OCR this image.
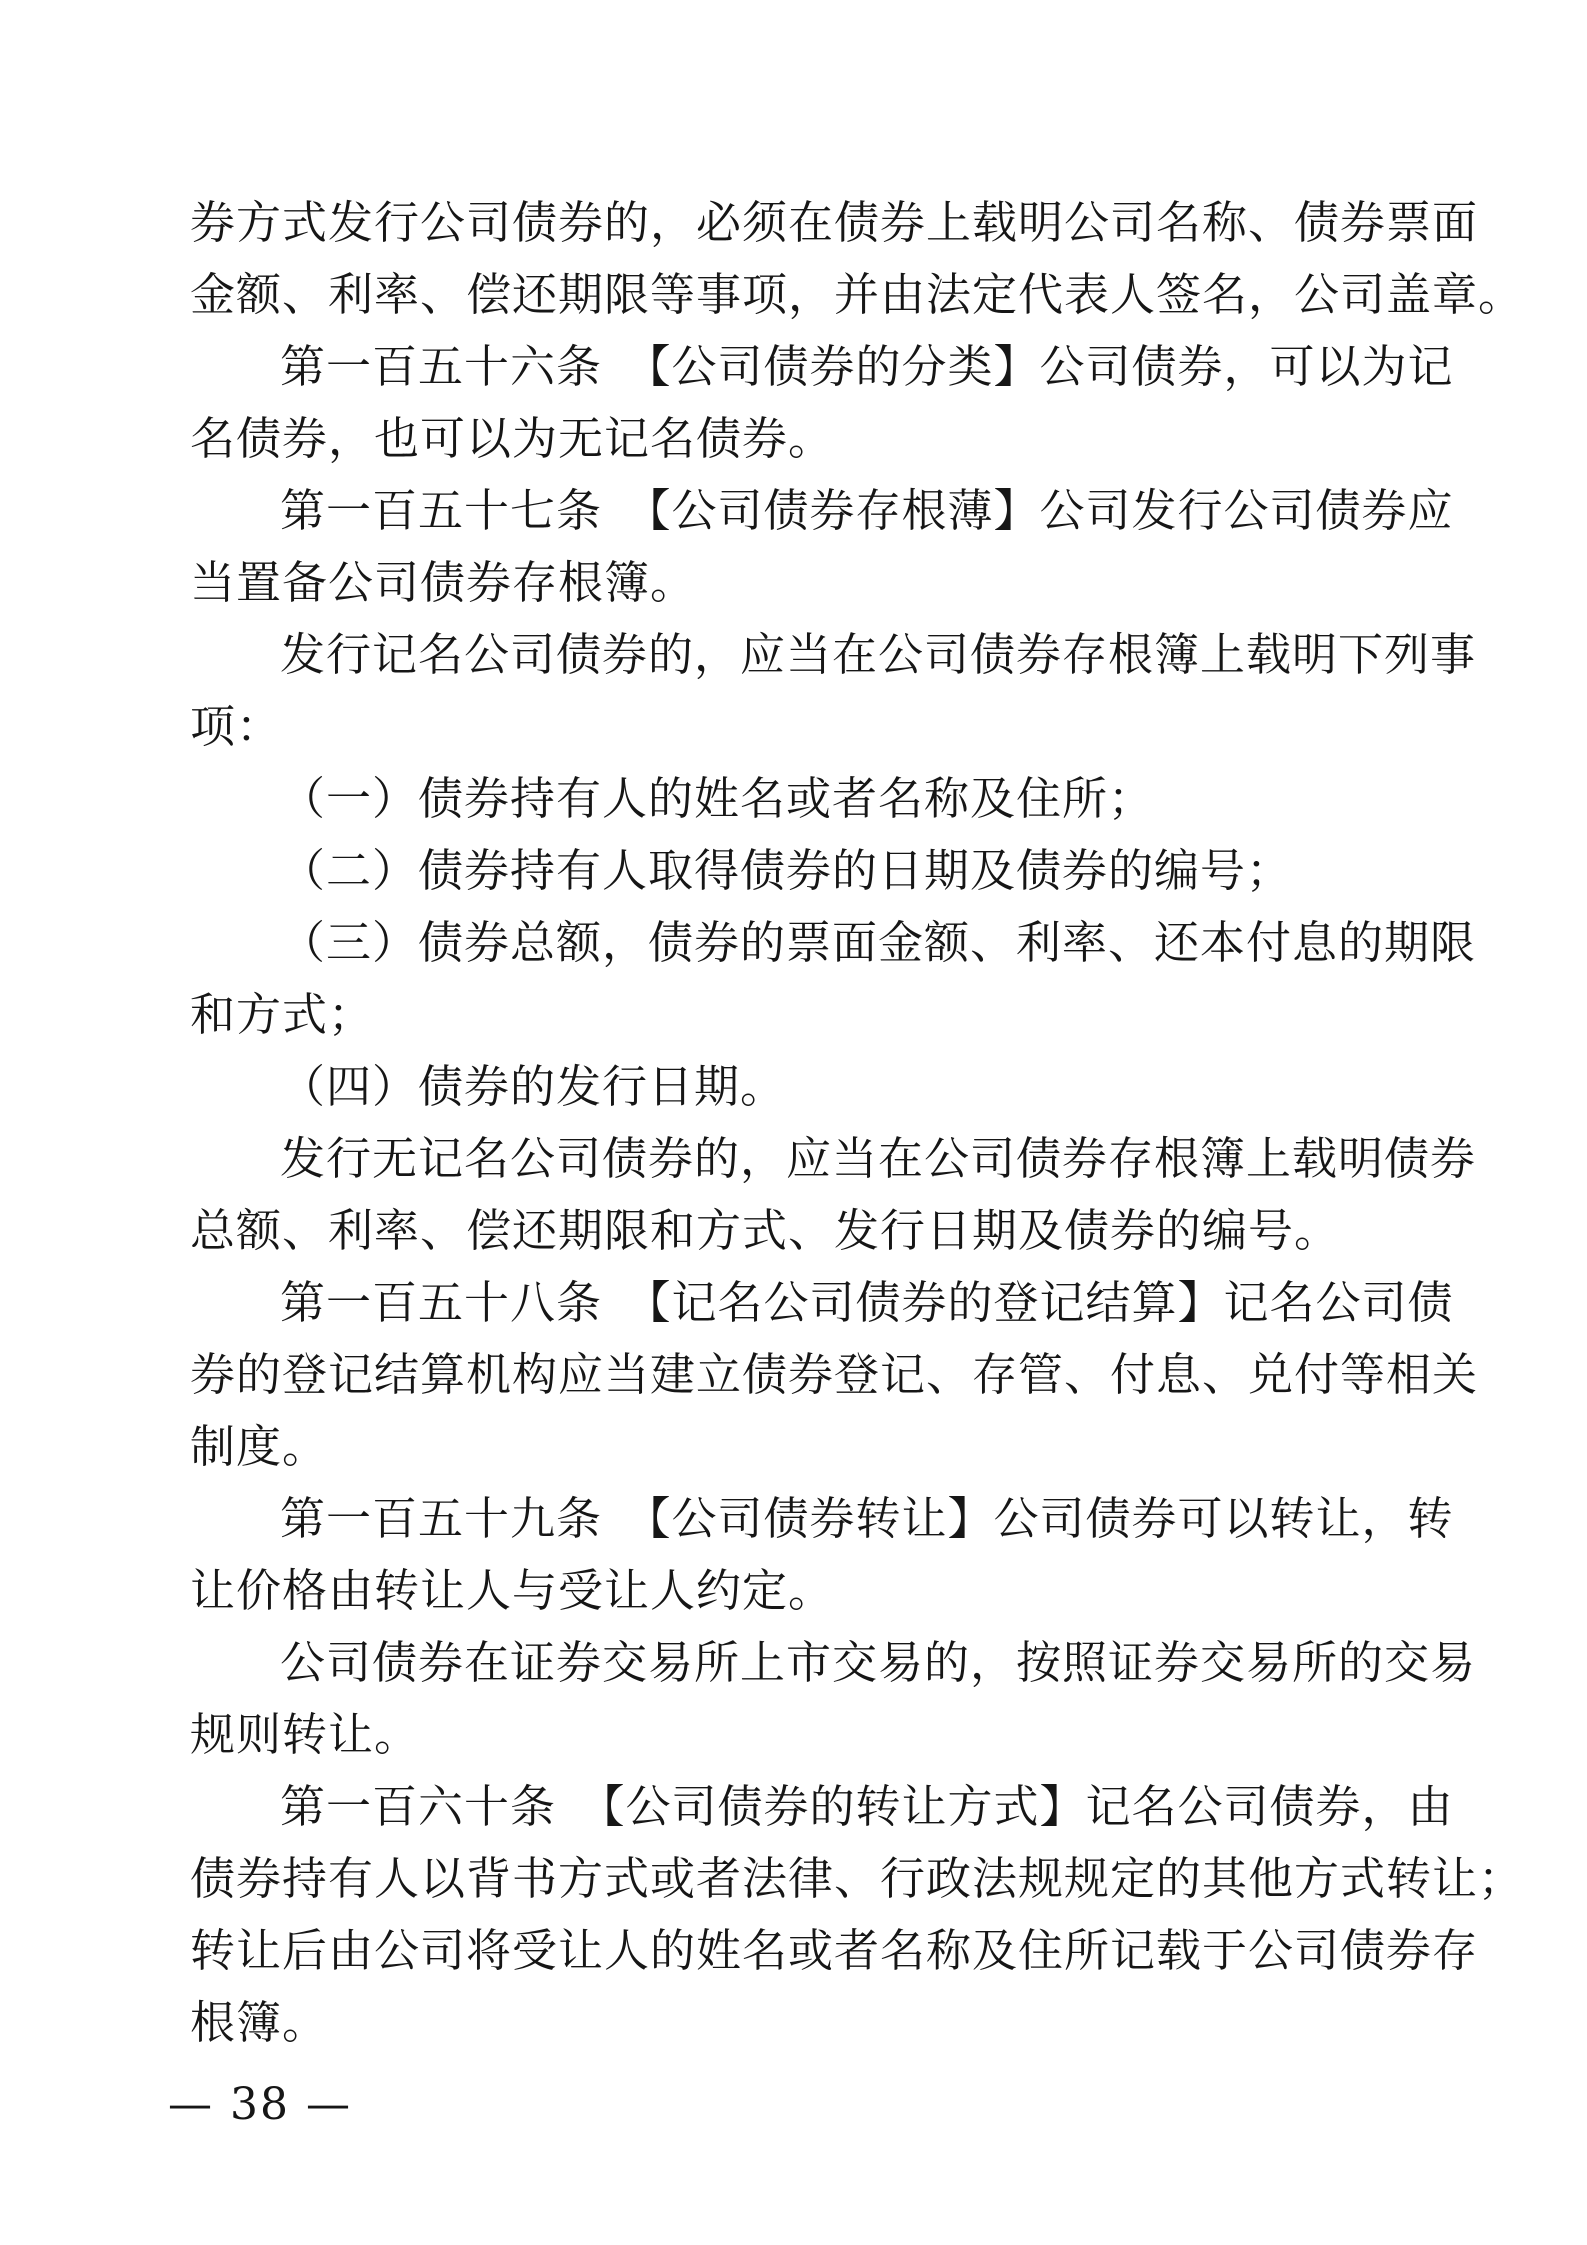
券方式发行公司债券的，必须在债券上载明公司名称、债券票面
金额、利率、偿还期限等事项，并由法定代表人签名，公司盖章。
第一百五十六条　【公司债券的分类】公司债券，可以为记
名债券，也可以为无记名债券。
第一百五十七条　【公司债券存根薄】公司发行公司债券应
当置备公司债券存根簿。
发行记名公司债券的，应当在公司债券存根簿上载明下列事
项：
（一）债券持有人的姓名或者名称及住所；
（二）债券持有人取得债券的日期及债券的编号；
（三）债券总额，债券的票面金额、利率、还本付息的期限
和方式；
（四）债券的发行日期。
发行无记名公司债券的，应当在公司债券存根簿上载明债券
总额、利率、偿还期限和方式、发行日期及债券的编号。
第一百五十八条　【记名公司债券的登记结算】记名公司债
券的登记结算机构应当建立债券登记、存管、付息、兑付等相关
制度。
第一百五十九条　【公司债券转让】公司债券可以转让，转
让价格由转让人与受让人约定。
公司债券在证券交易所上市交易的，按照证券交易所的交易
规则转让。
第一百六十条　【公司债券的转让方式】记名公司债券，由
债券持有人以背书方式或者法律、行政法规规定的其他方式转让；
转让后由公司将受让人的姓名或者名称及住所记载于公司债券存
根簿。
— 38 —
